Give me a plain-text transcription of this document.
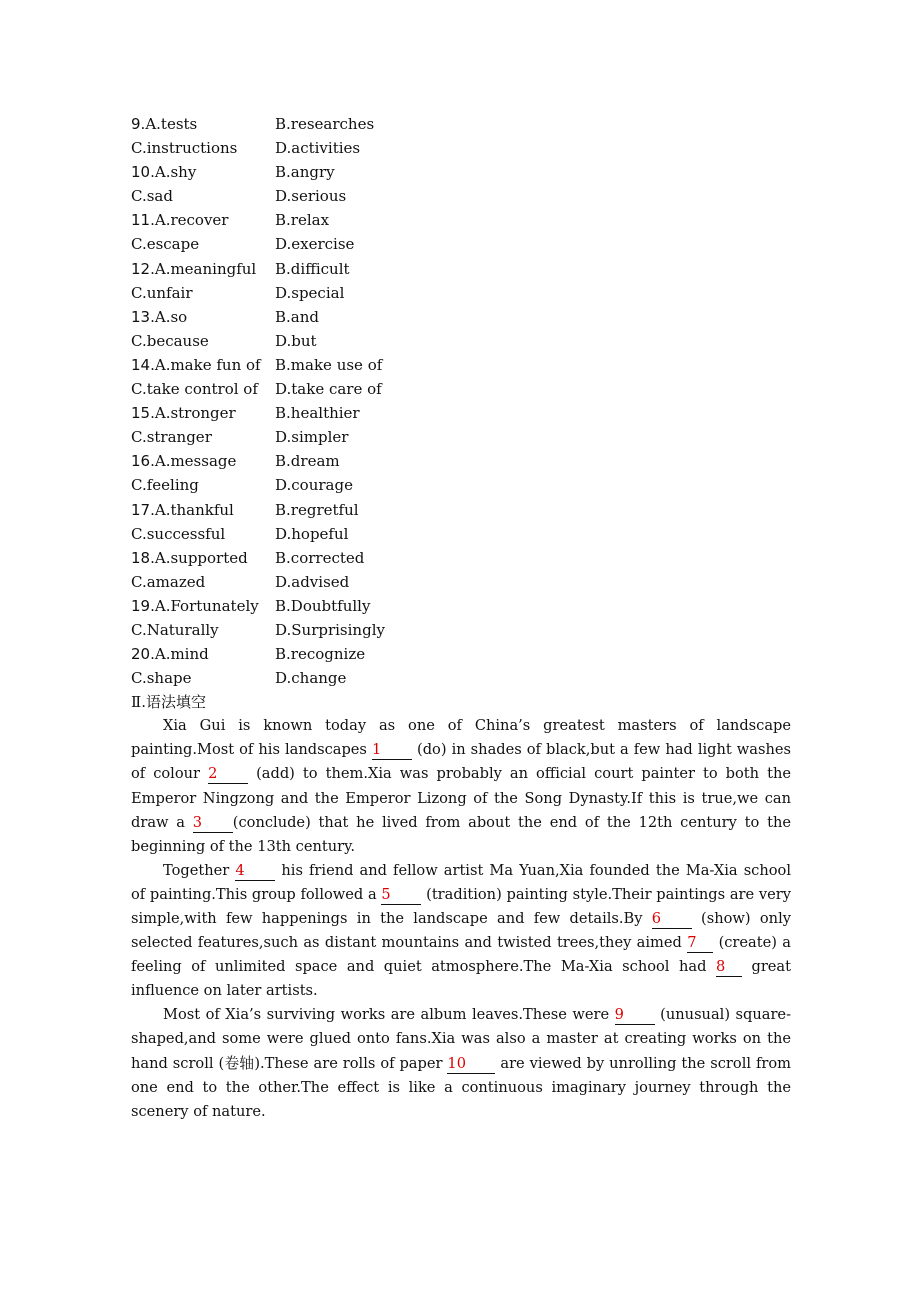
9.A.tests	B.researches
C.instructions	D.activities
10.A.shy	B.angry
C.sad	D.serious
11.A.recover	B.relax
C.escape	D.exercise
12.A.meaningful B.difficult
C.unfair	D.special
13.A.so	B.and
C.because	D.but
14.A.make fun of B.make use of
C.take control of D.take care of
15.A.stronger	B.healthier
C.stranger	D.simpler
16.A.message	B.dream
C.feeling	D.courage
17.A.thankful	B.regretful
C.successful	D.hopeful
18.A.supported B.corrected
C.amazed	D.advised
19.A.Fortunately B.Doubtfully
C.Naturally	D.Surprisingly
20.A.mind	B.recognize
C.shape	D.change
Ⅱ.语法填空
Xia Gui is known today as one of China’s greatest masters of landscape painting.Most of his landscapes 1 (do) in shades of black,but a few had light washes of colour 2 (add) to them.Xia was probably an official court painter to both the Emperor Ningzong and the Emperor Lizong of the Song Dynasty.If this is true,we can draw a 3 (conclude) that he lived from about the end of the 12th century to the beginning of the 13th century.
Together 4 his friend and fellow artist Ma Yuan,Xia founded the Ma-Xia school of painting.This group followed a 5 (tradition) painting style.Their paintings are very simple,with few happenings in the landscape and few details.By 6 (show) only selected features,such as distant mountains and twisted trees,they aimed 7 (create) a feeling of unlimited space and quiet atmosphere.The Ma-Xia school had 8 great influence on later artists.
Most of Xia’s surviving works are album leaves.These were 9 (unusual) square-shaped,and some were glued onto fans.Xia was also a master at creating works on the hand scroll (卷轴).These are rolls of paper 10 are viewed by unrolling the scroll from one end to the other.The effect is like a continuous imaginary journey through the scenery of nature.
